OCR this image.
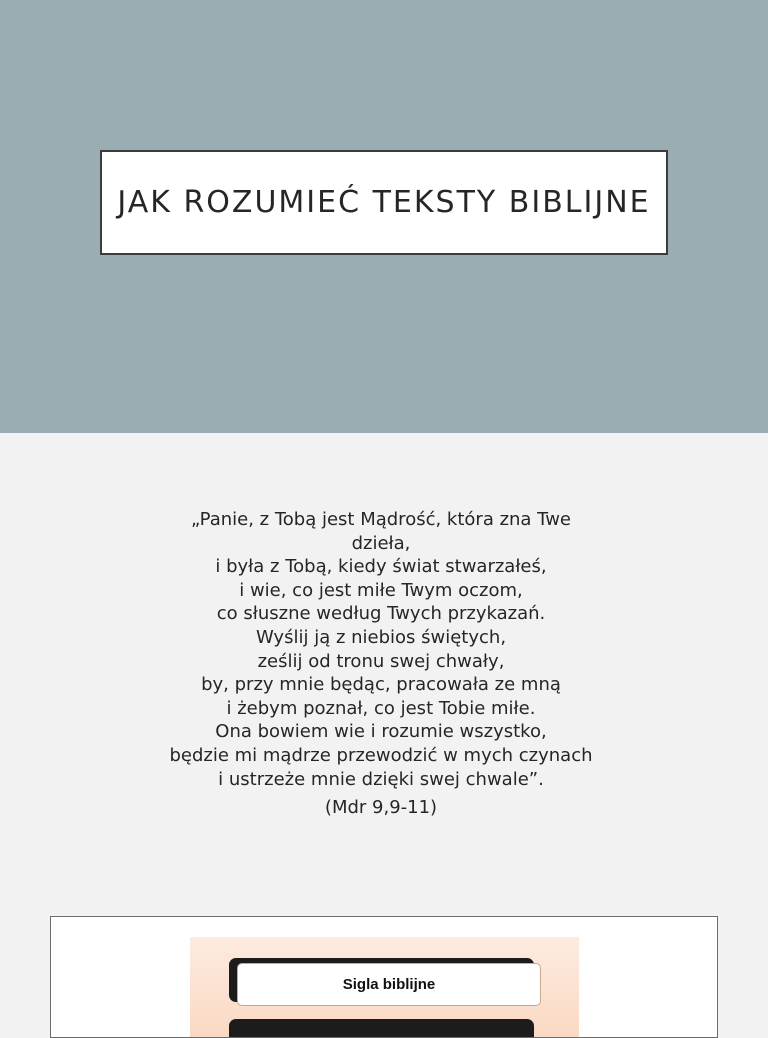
JAK ROZUMIEĆ TEKSTY BIBLIJNE
„Panie, z Tobą jest Mądrość, która zna Twe
dzieła,
i była z Tobą, kiedy świat stwarzałeś,
i wie, co jest miłe Twym oczom,
co słuszne według Twych przykazań.
Wyślij ją z niebios świętych,
ześlij od tronu swej chwały,
by, przy mnie będąc, pracowała ze mną
i żebym poznał, co jest Tobie miłe.
Ona bowiem wie i rozumie wszystko,
będzie mi mądrze przewodzić w mych czynach
i ustrzeże mnie dzięki swej chwale”.
(Mdr 9,9-11)
Sigla biblijne
